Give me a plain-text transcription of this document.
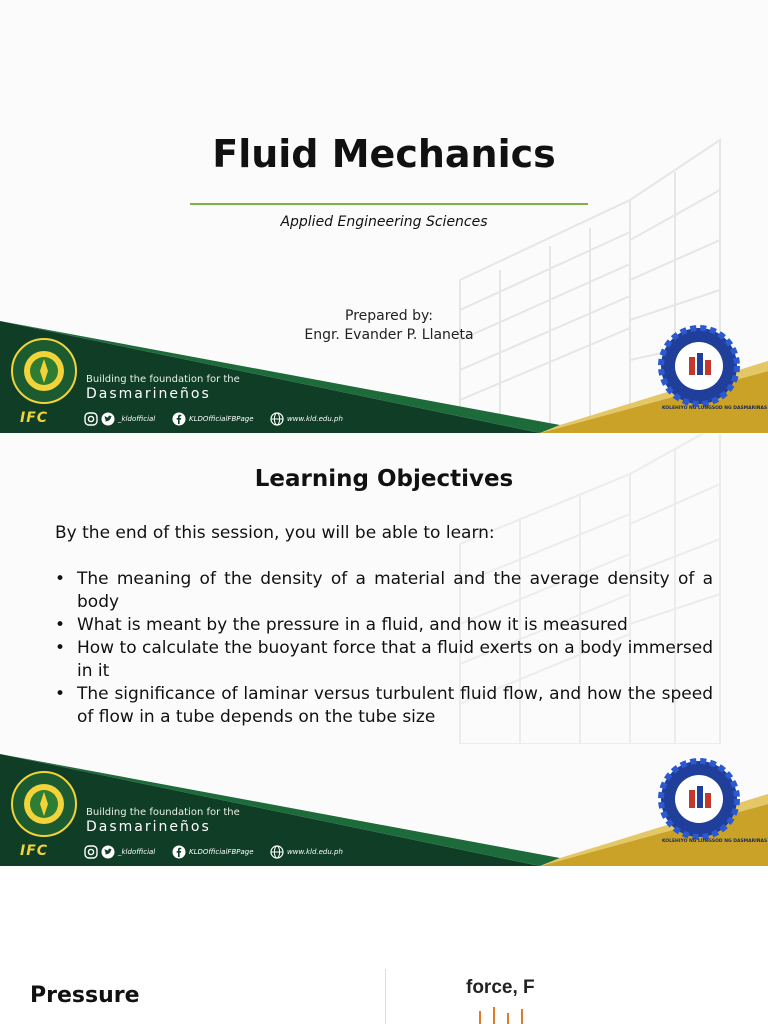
Fluid Mechanics
Applied Engineering Sciences
Prepared by:
Engr. Evander P. Llaneta
Building the foundation for the
Dasmarineños
IFC	_kldofficial	KLDOfficialFBPage	www.kld.edu.ph
KOLEHIYO NG LUNGSOD NG DASMARIÑAS
Learning Objectives
By the end of this session, you will be able to learn:
• The meaning of the density of a material and the average density of a body
• What is meant by the pressure in a fluid, and how it is measured
• How to calculate the buoyant force that a fluid exerts on a body immersed in it
• The significance of laminar versus turbulent fluid flow, and how the speed of flow in a tube depends on the tube size
Building the foundation for the
Dasmarineños
IFC	_kldofficial	KLDOfficialFBPage	www.kld.edu.ph
KOLEHIYO NG LUNGSOD NG DASMARIÑAS
Pressure	force, F
